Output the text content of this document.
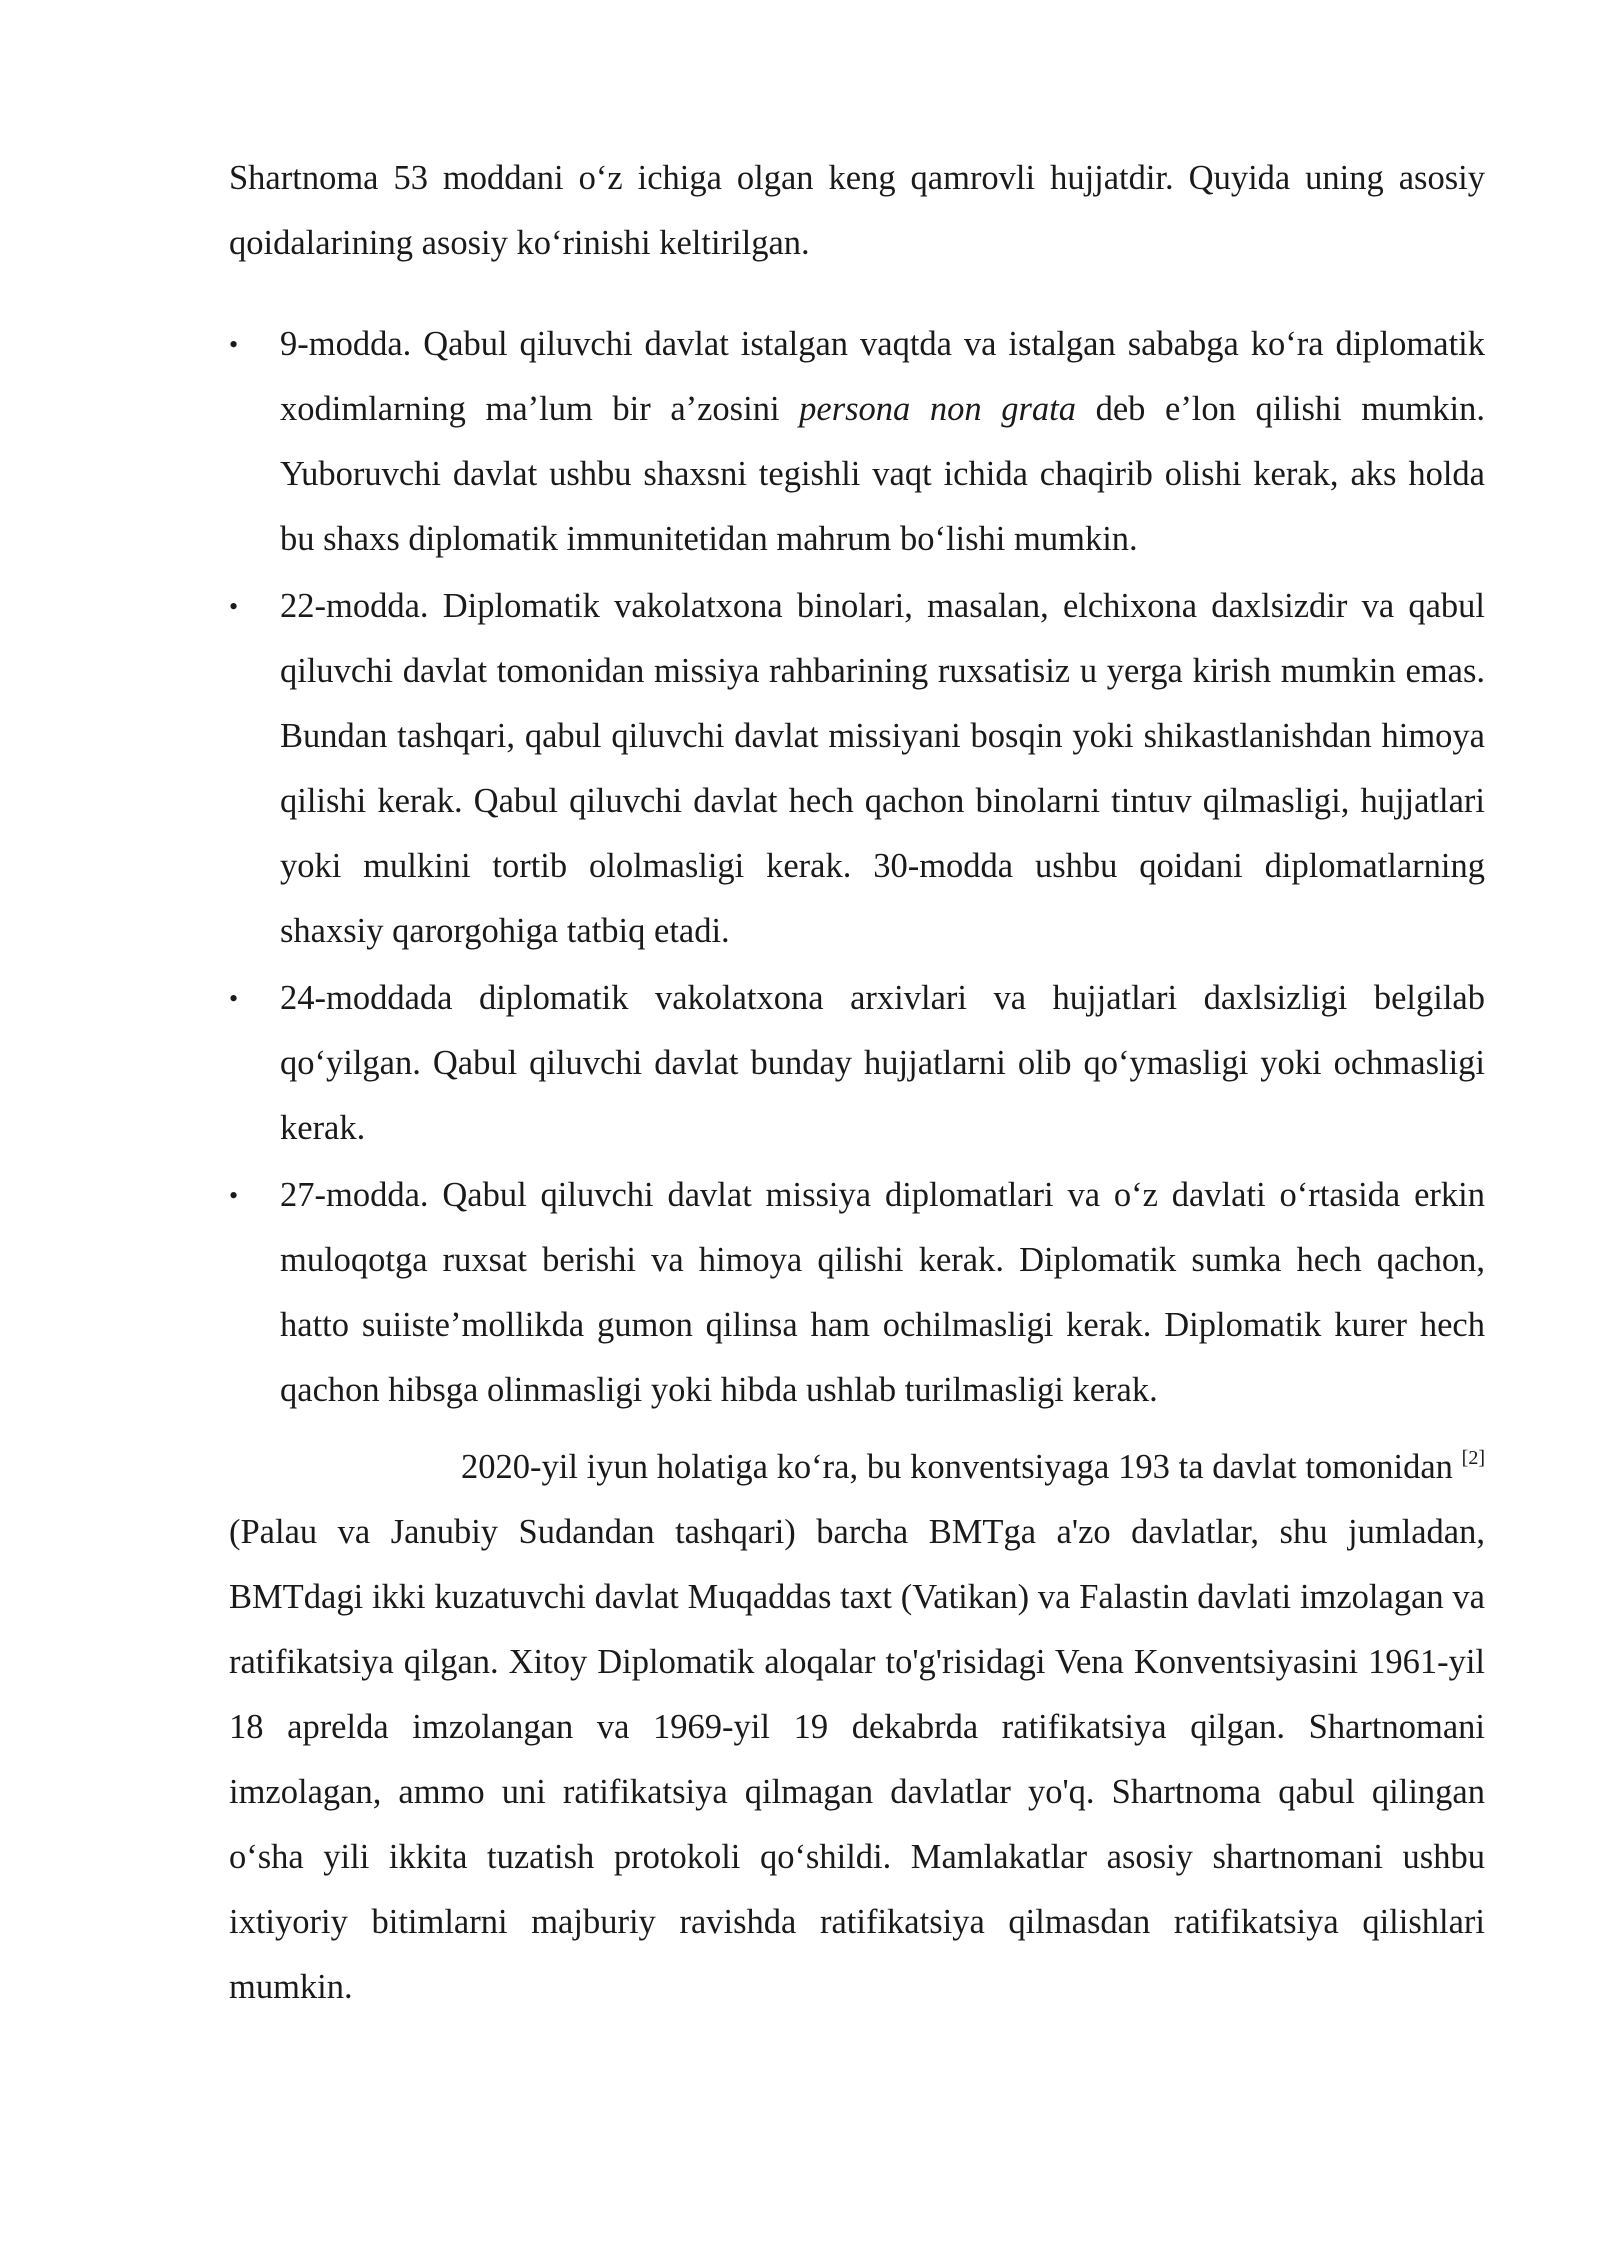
Shartnoma 53 moddani oʻz ichiga olgan keng qamrovli hujjatdir. Quyida uning asosiy qoidalarining asosiy koʻrinishi keltirilgan.

• 9-modda. Qabul qiluvchi davlat istalgan vaqtda va istalgan sababga koʻra diplomatik xodimlarning maʼlum bir aʼzosini persona non grata deb eʼlon qilishi mumkin. Yuboruvchi davlat ushbu shaxsni tegishli vaqt ichida chaqirib olishi kerak, aks holda bu shaxs diplomatik immunitetidan mahrum boʻlishi mumkin.
• 22-modda. Diplomatik vakolatxona binolari, masalan, elchixona daxlsizdir va qabul qiluvchi davlat tomonidan missiya rahbarining ruxsatisiz u yerga kirish mumkin emas. Bundan tashqari, qabul qiluvchi davlat missiyani bosqin yoki shikastlanishdan himoya qilishi kerak. Qabul qiluvchi davlat hech qachon binolarni tintuv qilmasligi, hujjatlari yoki mulkini tortib ololmasligi kerak. 30-modda ushbu qoidani diplomatlarning shaxsiy qarorgohiga tatbiq etadi.
• 24-moddada diplomatik vakolatxona arxivlari va hujjatlari daxlsizligi belgilab qoʻyilgan. Qabul qiluvchi davlat bunday hujjatlarni olib qoʻymasligi yoki ochmasligi kerak.
• 27-modda. Qabul qiluvchi davlat missiya diplomatlari va oʻz davlati oʻrtasida erkin muloqotga ruxsat berishi va himoya qilishi kerak. Diplomatik sumka hech qachon, hatto suiisteʼmollikda gumon qilinsa ham ochilmasligi kerak. Diplomatik kurer hech qachon hibsga olinmasligi yoki hibda ushlab turilmasligi kerak.

2020-yil iyun holatiga koʻra, bu konventsiyaga 193 ta davlat tomonidan [2] (Palau va Janubiy Sudandan tashqari) barcha BMTga a'zo davlatlar, shu jumladan, BMTdagi ikki kuzatuvchi davlat Muqaddas taxt (Vatikan) va Falastin davlati imzolagan va ratifikatsiya qilgan. Xitoy Diplomatik aloqalar to'g'risidagi Vena Konventsiyasini 1961-yil 18 aprelda imzolangan va 1969-yil 19 dekabrda ratifikatsiya qilgan. Shartnomani imzolagan, ammo uni ratifikatsiya qilmagan davlatlar yo'q. Shartnoma qabul qilingan oʻsha yili ikkita tuzatish protokoli qoʻshildi. Mamlakatlar asosiy shartnomani ushbu ixtiyoriy bitimlarni majburiy ravishda ratifikatsiya qilmasdan ratifikatsiya qilishlari mumkin.
